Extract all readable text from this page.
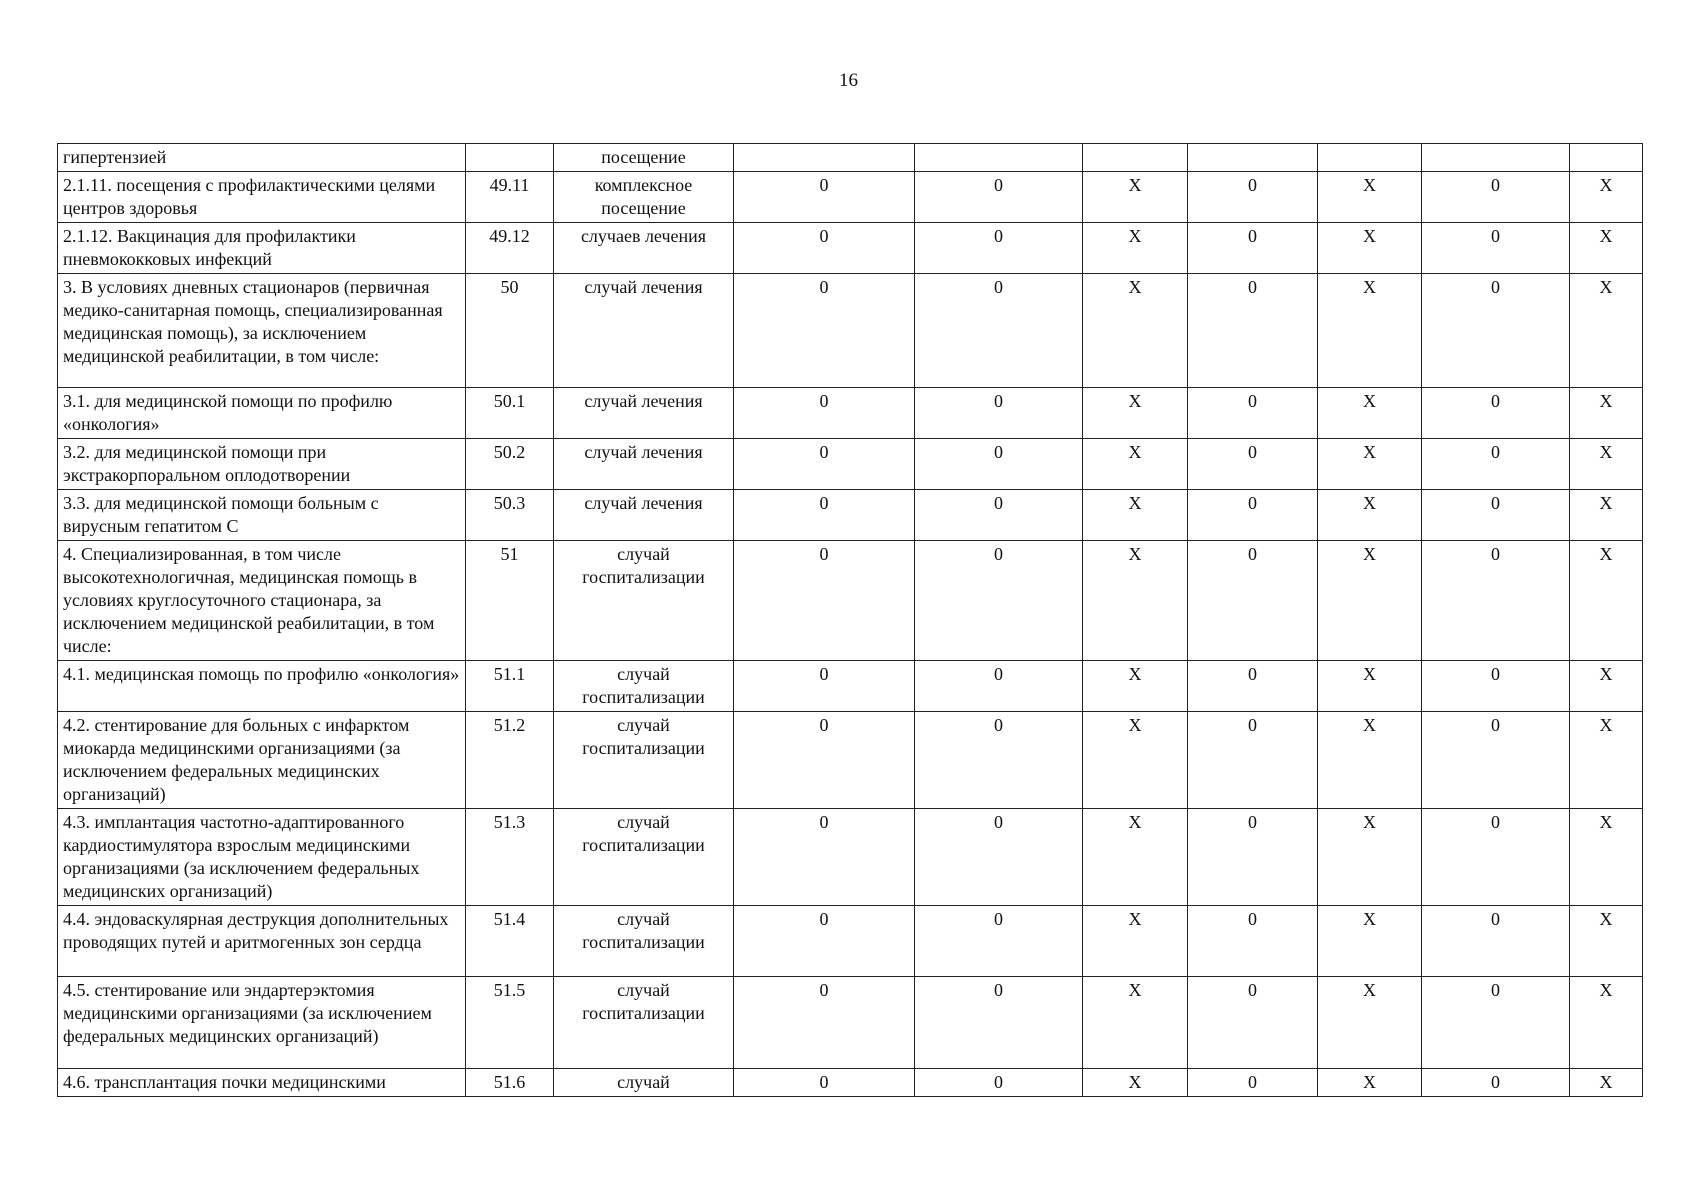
16
гипертензией		посещение							
2.1.11. посещения с профилактическими целями центров здоровья	49.11	комплексное посещение	0	0	X	0	X	0	X
2.1.12. Вакцинация для профилактики пневмококковых инфекций	49.12	случаев лечения	0	0	X	0	X	0	X
3. В условиях дневных стационаров (первичная медико-санитарная помощь, специализированная медицинская помощь), за исключением медицинской реабилитации, в том числе:	50	случай лечения	0	0	X	0	X	0	X
3.1. для медицинской помощи по профилю «онкология»	50.1	случай лечения	0	0	X	0	X	0	X
3.2. для медицинской помощи при экстракорпоральном оплодотворении	50.2	случай лечения	0	0	X	0	X	0	X
3.3. для медицинской помощи больным с вирусным гепатитом С	50.3	случай лечения	0	0	X	0	X	0	X
4. Специализированная, в том числе высокотехнологичная, медицинская помощь в условиях круглосуточного стационара, за исключением медицинской реабилитации, в том числе:	51	случай госпитализации	0	0	X	0	X	0	X
4.1. медицинская помощь по профилю «онкология»	51.1	случай госпитализации	0	0	X	0	X	0	X
4.2. стентирование для больных с инфарктом миокарда медицинскими организациями (за исключением федеральных медицинских организаций)	51.2	случай госпитализации	0	0	X	0	X	0	X
4.3. имплантация частотно-адаптированного кардиостимулятора взрослым медицинскими организациями (за исключением федеральных медицинских организаций)	51.3	случай госпитализации	0	0	X	0	X	0	X
4.4. эндоваскулярная деструкция дополнительных проводящих путей и аритмогенных зон сердца	51.4	случай госпитализации	0	0	X	0	X	0	X
4.5. стентирование или эндартерэктомия медицинскими организациями (за исключением федеральных медицинских организаций)	51.5	случай госпитализации	0	0	X	0	X	0	X
4.6. трансплантация почки медицинскими	51.6	случай	0	0	X	0	X	0	X
